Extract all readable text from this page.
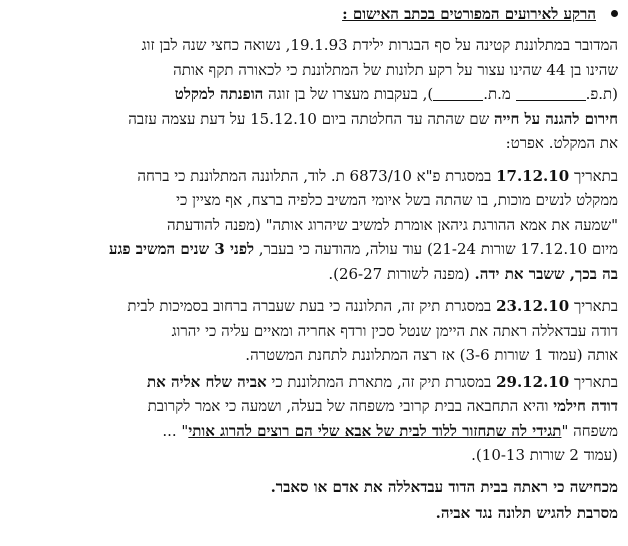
הרקע לאירועים המפורטים בכתב האישום :
המדובר במתלוננת קטינה על סף הבגרות ילידת 19.1.93, נשואה כחצי שנה לבן זוג
שהינו בן 44 שהינו עצור על רקע תלונות של המתלוננת כי לכאורה תקף אותה
(ת.פ. מ.ת.), בעקבות מעצרו של בן זוגה הופנתה למקלט
חירום להגנה על חייה שם שהתה עד החלטתה ביום 15.12.10 על דעת עצמה עזבה
את המקלט. אפרט:
בתאריך 17.12.10 במסגרת פ"א 6873/10 ת. לוד, התלוננה המתלוננת כי ברחה
ממקלט לנשים מוכות, בו שהתה בשל איומי המשיב כלפיה ברצח, אף מציין כי
"שמעה את אמא ההורגת גיהאן אומרת למשיב שיהרוג אותה" (מפנה להודעתה
מיום 17.12.10 שורות 21-24) עוד עולה, מהודעה כי בעבר, לפני 3 שנים המשיב פגע
בה בכך, ששבר את ידה. (מפנה לשורות 26-27).
בתאריך 23.12.10 במסגרת תיק זה, התלוננה כי בעת שעברה ברחוב בסמיכות לבית
דודה עבדאללה ראתה את היימן שנטל סכין ורדף אחריה ומאיים עליה כי יהרוג
אותה (עמוד 1 שורות 3-6) אז רצה המתלוננת לתחנת המשטרה.
בתאריך 29.12.10 במסגרת תיק זה, מתארת המתלוננת כי אביה שלח אליה את
דודה חילמי והיא התחבאה בבית קרובי משפחה של בעלה, ושמעה כי אמר לקרובת
משפחה "תגידי לה שתחזור ללוד לבית של אבא שלי הם רוצים להרוג אותי" ...
(עמוד 2 שורות 10-13).
מכחישה כי ראתה בבית הדוד עבדאללה את אדם או סאבר.
מסרבת להגיש תלונה נגד אביה.
